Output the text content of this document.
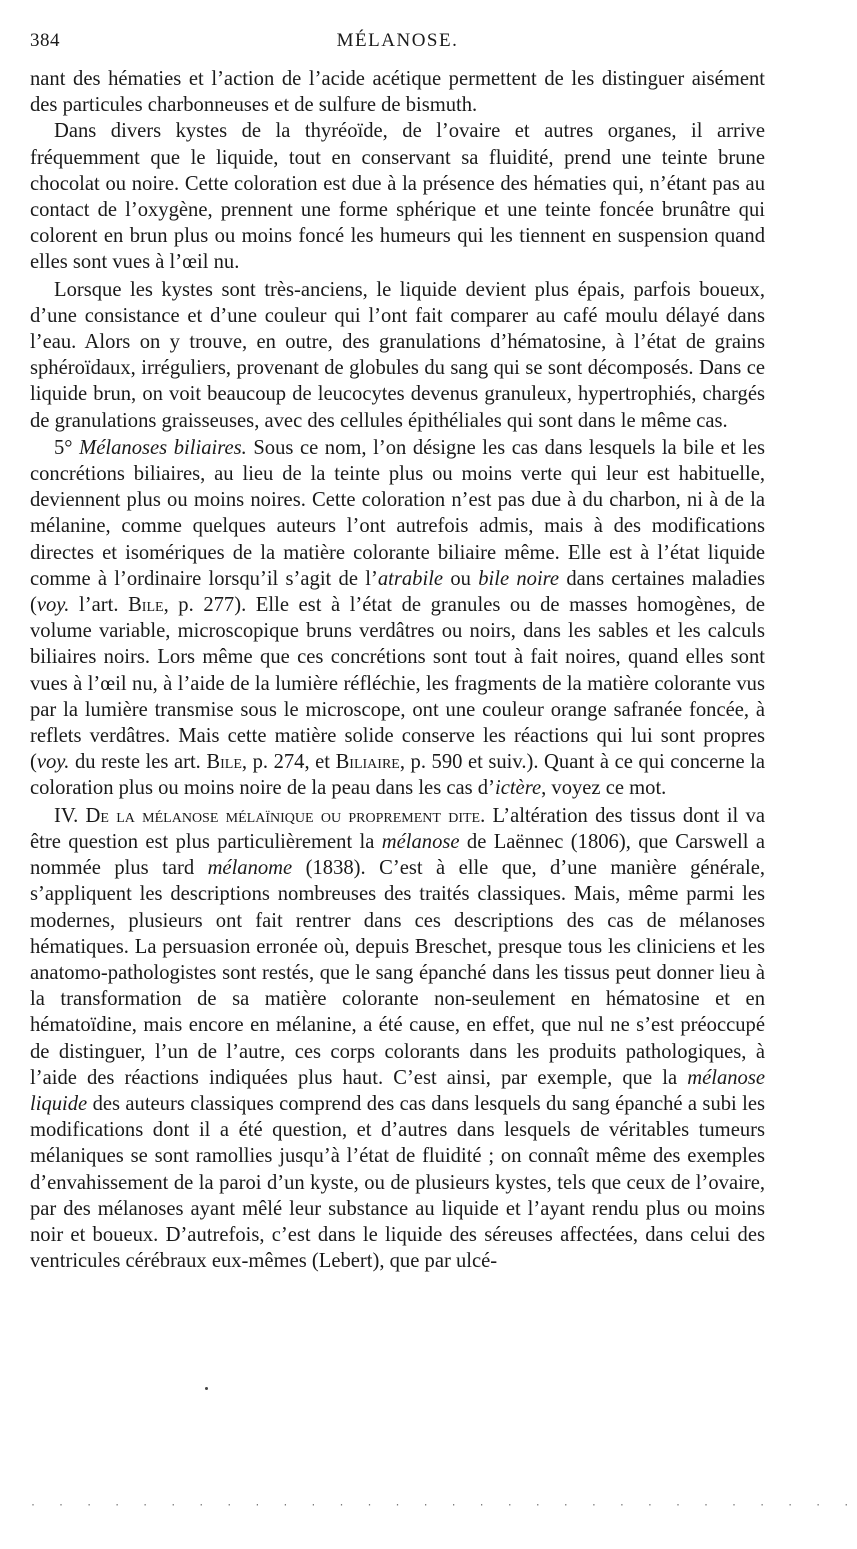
384	MÉLANOSE.

nant des hématies et l’action de l’acide acétique permettent de les distinguer aisément des particules charbonneuses et de sulfure de bismuth.

Dans divers kystes de la thyréoïde, de l’ovaire et autres organes, il arrive fréquemment que le liquide, tout en conservant sa fluidité, prend une teinte brune chocolat ou noire. Cette coloration est due à la présence des hématies qui, n’étant pas au contact de l’oxygène, prennent une forme sphérique et une teinte foncée brunâtre qui colorent en brun plus ou moins foncé les humeurs qui les tiennent en suspension quand elles sont vues à l’œil nu.

Lorsque les kystes sont très-anciens, le liquide devient plus épais, parfois boueux, d’une consistance et d’une couleur qui l’ont fait comparer au café moulu délayé dans l’eau. Alors on y trouve, en outre, des granulations d’hématosine, à l’état de grains sphéroïdaux, irréguliers, provenant de globules du sang qui se sont décomposés. Dans ce liquide brun, on voit beaucoup de leucocytes devenus granuleux, hypertrophiés, chargés de granulations graisseuses, avec des cellules épithéliales qui sont dans le même cas.

5° Mélanoses biliaires. Sous ce nom, l’on désigne les cas dans lesquels la bile et les concrétions biliaires, au lieu de la teinte plus ou moins verte qui leur est habituelle, deviennent plus ou moins noires. Cette coloration n’est pas due à du charbon, ni à de la mélanine, comme quelques auteurs l’ont autrefois admis, mais à des modifications directes et isomériques de la matière colorante biliaire même. Elle est à l’état liquide comme à l’ordinaire lorsqu’il s’agit de l’atrabile ou bile noire dans certaines maladies (voy. l’art. Bile, p. 277). Elle est à l’état de granules ou de masses homogènes, de volume variable, microscopique bruns verdâtres ou noirs, dans les sables et les calculs biliaires noirs. Lors même que ces concrétions sont tout à fait noires, quand elles sont vues à l’œil nu, à l’aide de la lumière réfléchie, les fragments de la matière colorante vus par la lumière transmise sous le microscope, ont une couleur orange safranée foncée, à reflets verdâtres. Mais cette matière solide conserve les réactions qui lui sont propres (voy. du reste les art. Bile, p. 274, et Biliaire, p. 590 et suiv.). Quant à ce qui concerne la coloration plus ou moins noire de la peau dans les cas d’ictère, voyez ce mot.

IV. De la mélanose mélaïnique ou proprement dite. L’altération des tissus dont il va être question est plus particulièrement la mélanose de Laënnec (1806), que Carswell a nommée plus tard mélanome (1838). C’est à elle que, d’une manière générale, s’appliquent les descriptions nombreuses des traités classiques. Mais, même parmi les modernes, plusieurs ont fait rentrer dans ces descriptions des cas de mélanoses hématiques. La persuasion erronée où, depuis Breschet, presque tous les cliniciens et les anatomo-pathologistes sont restés, que le sang épanché dans les tissus peut donner lieu à la transformation de sa matière colorante non-seulement en hématosine et en hématoïdine, mais encore en mélanine, a été cause, en effet, que nul ne s’est préoccupé de distinguer, l’un de l’autre, ces corps colorants dans les produits pathologiques, à l’aide des réactions indiquées plus haut. C’est ainsi, par exemple, que la mélanose liquide des auteurs classiques comprend des cas dans lesquels du sang épanché a subi les modifications dont il a été question, et d’autres dans lesquels de véritables tumeurs mélaniques se sont ramollies jusqu’à l’état de fluidité ; on connaît même des exemples d’envahissement de la paroi d’un kyste, ou de plusieurs kystes, tels que ceux de l’ovaire, par des mélanoses ayant mêlé leur substance au liquide et l’ayant rendu plus ou moins noir et boueux. D’autrefois, c’est dans le liquide des séreuses affectées, dans celui des ventricules cérébraux eux-mêmes (Lebert), que par ulcé-

· · · · · · · · · · · · · · · · · · · · · · · · · · · · · ·
